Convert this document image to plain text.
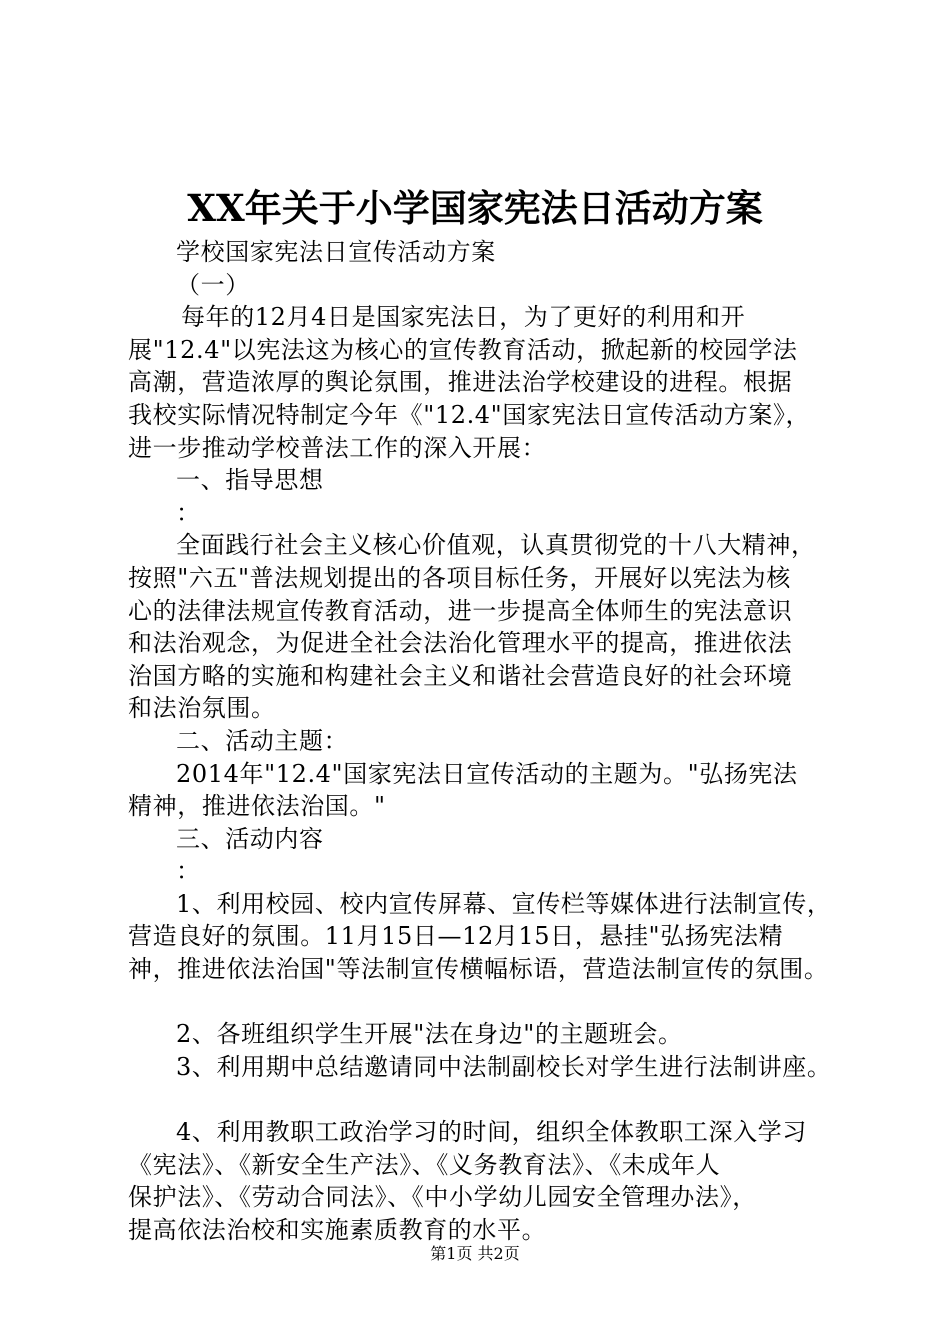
XX年关于小学国家宪法日活动方案
学校国家宪法日宣传活动方案
（一）
每年的12月4日是国家宪法日，为了更好的利用和开
展"12.4"以宪法这为核心的宣传教育活动，掀起新的校园学法
高潮，营造浓厚的舆论氛围，推进法治学校建设的进程。根据
我校实际情况特制定今年《"12.4"国家宪法日宣传活动方案》，
进一步推动学校普法工作的深入开展：
一、指导思想
：
全面践行社会主义核心价值观，认真贯彻党的十八大精神，
按照"六五"普法规划提出的各项目标任务，开展好以宪法为核
心的法律法规宣传教育活动，进一步提高全体师生的宪法意识
和法治观念，为促进全社会法治化管理水平的提高，推进依法
治国方略的实施和构建社会主义和谐社会营造良好的社会环境
和法治氛围。
二、活动主题：
2014年"12.4"国家宪法日宣传活动的主题为。"弘扬宪法
精神，推进依法治国。"
三、活动内容
：
1、利用校园、校内宣传屏幕、宣传栏等媒体进行法制宣传，
营造良好的氛围。11月15日—12月15日，悬挂"弘扬宪法精
神，推进依法治国"等法制宣传横幅标语，营造法制宣传的氛围。
2、各班组织学生开展"法在身边"的主题班会。
3、利用期中总结邀请同中法制副校长对学生进行法制讲座。
4、利用教职工政治学习的时间，组织全体教职工深入学习
《宪法》、《新安全生产法》、《义务教育法》、《未成年人
保护法》、《劳动合同法》、《中小学幼儿园安全管理办法》，
提高依法治校和实施素质教育的水平。
第1页 共2页
